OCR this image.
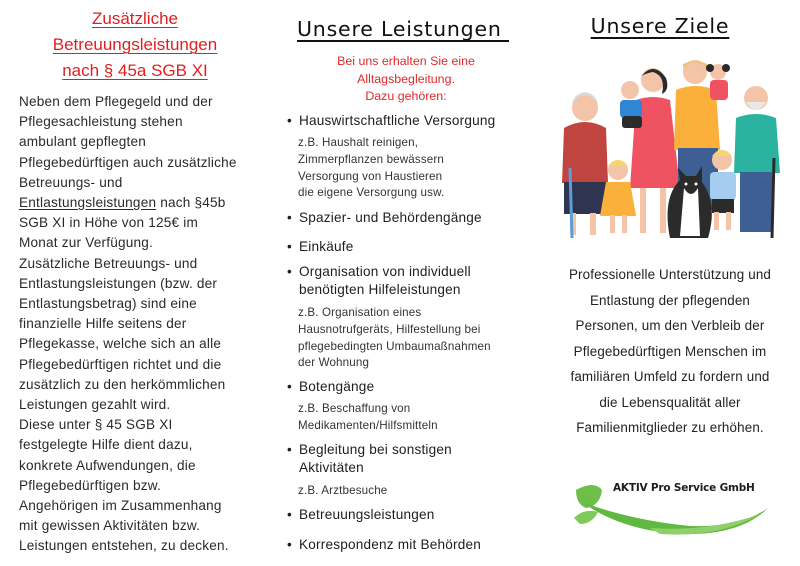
Zusätzliche
Betreuungsleistungen
nach § 45a SGB XI
Neben dem Pflegegeld und der
Pflegesachleistung stehen
ambulant gepflegten
Pflegebedürftigen auch zusätzliche
Betreuungs- und
Entlastungsleistungen nach §45b
SGB XI in Höhe von 125€ im
Monat zur Verfügung.
Zusätzliche Betreuungs- und
Entlastungsleistungen (bzw. der
Entlastungsbetrag) sind eine
finanzielle Hilfe seitens der
Pflegekasse, welche sich an alle
Pflegebedürftigen richtet und die
zusätzlich zu den herkömmlichen
Leistungen gezahlt wird.
Diese unter § 45 SGB XI
festgelegte Hilfe dient dazu,
konkrete Aufwendungen, die
Pflegebedürftigen bzw.
Angehörigen im Zusammenhang
mit gewissen Aktivitäten bzw.
Leistungen entstehen, zu decken.
Unsere Leistungen
Bei uns erhalten Sie eine
Alltagsbegleitung.
Dazu gehören:
• Hauswirtschaftliche Versorgung
z.B. Haushalt reinigen,
Zimmerpflanzen bewässern
Versorgung von Haustieren
die eigene Versorgung usw.
• Spazier- und Behördengänge
• Einkäufe
• Organisation von individuell
benötigten Hilfeleistungen
z.B. Organisation eines
Hausnotrufgeräts, Hilfestellung bei
pflegebedingten Umbaumaßnahmen
der Wohnung
• Botengänge
z.B. Beschaffung von
Medikamenten/Hilfsmitteln
• Begleitung bei sonstigen
Aktivitäten
z.B. Arztbesuche
• Betreuungsleistungen
• Korrespondenz mit Behörden
Unsere Ziele
Professionelle Unterstützung und
Entlastung der pflegenden
Personen, um den Verbleib der
Pflegebedürftigen Menschen im
familiären Umfeld zu fordern und
die Lebensqualität aller
Familienmitglieder zu erhöhen.
AKTIV Pro Service GmbH
